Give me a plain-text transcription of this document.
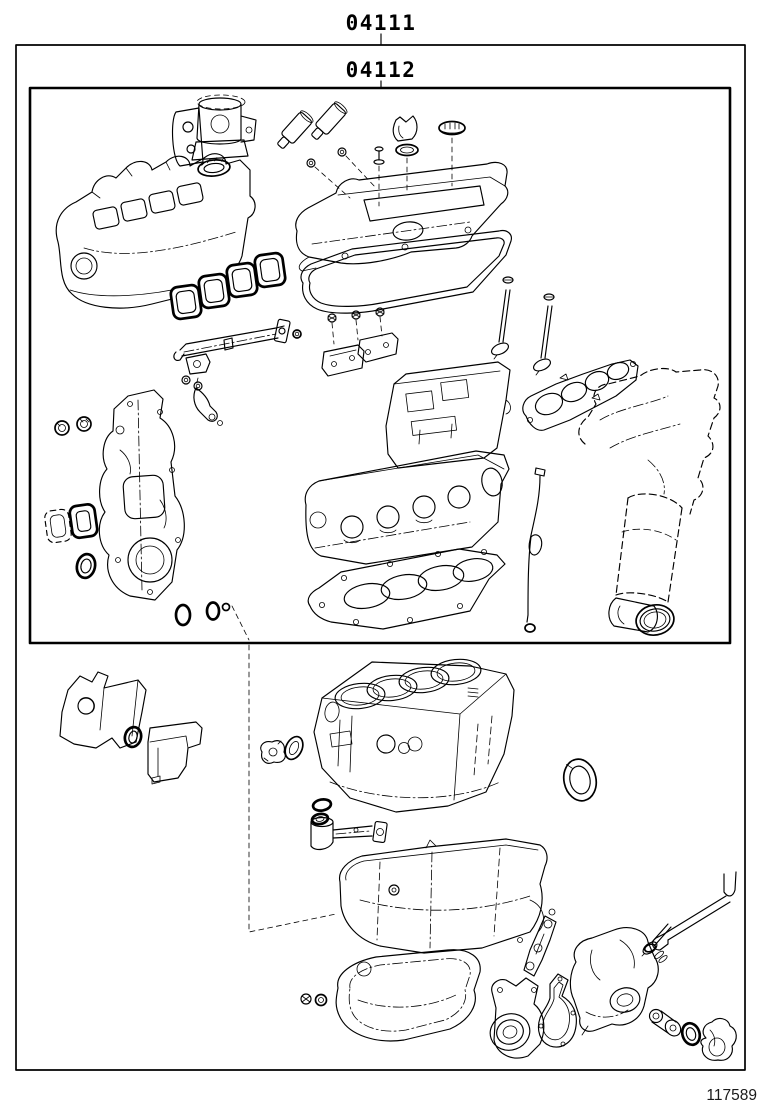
04111
04112
117589
